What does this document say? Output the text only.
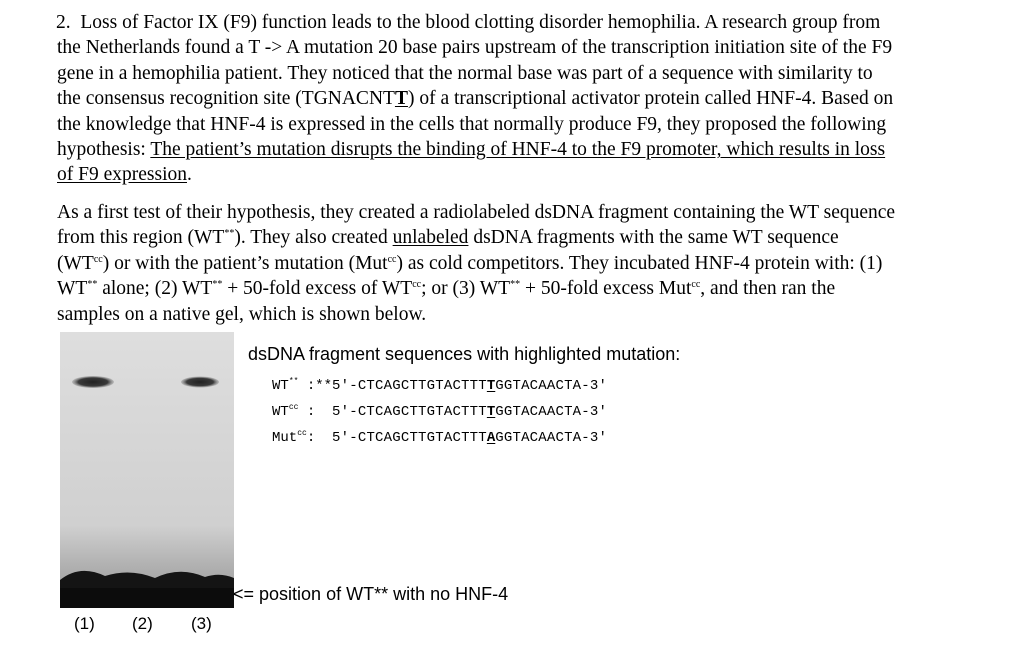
2. Loss of Factor IX (F9) function leads to the blood clotting disorder hemophilia. A research group from
the Netherlands found a T -> A mutation 20 base pairs upstream of the transcription initiation site of the F9
gene in a hemophilia patient. They noticed that the normal base was part of a sequence with similarity to
the consensus recognition site (TGNACNTT) of a transcriptional activator protein called HNF-4. Based on
the knowledge that HNF-4 is expressed in the cells that normally produce F9, they proposed the following
hypothesis: The patient’s mutation disrupts the binding of HNF-4 to the F9 promoter, which results in loss
of F9 expression.
As a first test of their hypothesis, they created a radiolabeled dsDNA fragment containing the WT sequence
from this region (WT**). They also created unlabeled dsDNA fragments with the same WT sequence
$(WT^{cc})$ or with the patient’s mutation (Mut$^{cc}$) as cold competitors. They incubated HNF-4 protein with: (1)
WT** alone; (2) WT** + 50-fold excess of $WT^{cc}$; or (3) WT** + 50-fold excess Mut$^{cc}$, and then ran the
samples on a native gel, which is shown below.
(1) (2) (3)
dsDNA fragment sequences with highlighted mutation:
WT** :**5'-CTCAGCTTGTACTTTTGGTACAACTA-3'
$WT^{cc}$ :  5'-CTCAGCTTGTACTTTTGGTACAACTA-3'
Mut$^{cc}$:  5'-CTCAGCTTGTACTTTAGGTACAACTA-3'
<= position of WT** with no HNF-4
